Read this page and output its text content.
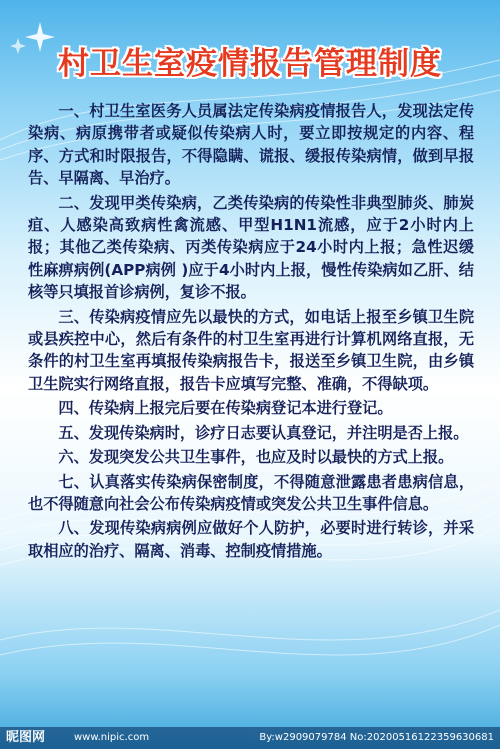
村卫生室疫情报告管理制度

一、村卫生室医务人员属法定传染病疫情报告人，发现法定传染病、病原携带者或疑似传染病人时，要立即按规定的内容、程序、方式和时限报告，不得隐瞒、谎报、缓报传染病情，做到早报告、早隔离、早治疗。

二、发现甲类传染病，乙类传染病的传染性非典型肺炎、肺炭疽、人感染高致病性禽流感、甲型H1N1流感，应于2小时内上报；其他乙类传染病、丙类传染病应于24小时内上报；急性迟缓性麻痹病例(APP病例 )应于4小时内上报，慢性传染病如乙肝、结核等只填报首诊病例，复诊不报。

三、传染病疫情应先以最快的方式，如电话上报至乡镇卫生院或县疾控中心，然后有条件的村卫生室再进行计算机网络直报，无条件的村卫生室再填报传染病报告卡，报送至乡镇卫生院，由乡镇卫生院实行网络直报，报告卡应填写完整、准确，不得缺项。

四、传染病上报完后要在传染病登记本进行登记。

五、发现传染病时，诊疗日志要认真登记，并注明是否上报。

六、发现突发公共卫生事件，也应及时以最快的方式上报。

七、认真落实传染病保密制度，不得随意泄露患者患病信息，也不得随意向社会公布传染病疫情或突发公共卫生事件信息。

八、发现传染病病例应做好个人防护，必要时进行转诊，并采取相应的治疗、隔离、消毒、控制疫情措施。

昵图网	www.nipic.com	By:w2909079784 No:20200516122359630681
